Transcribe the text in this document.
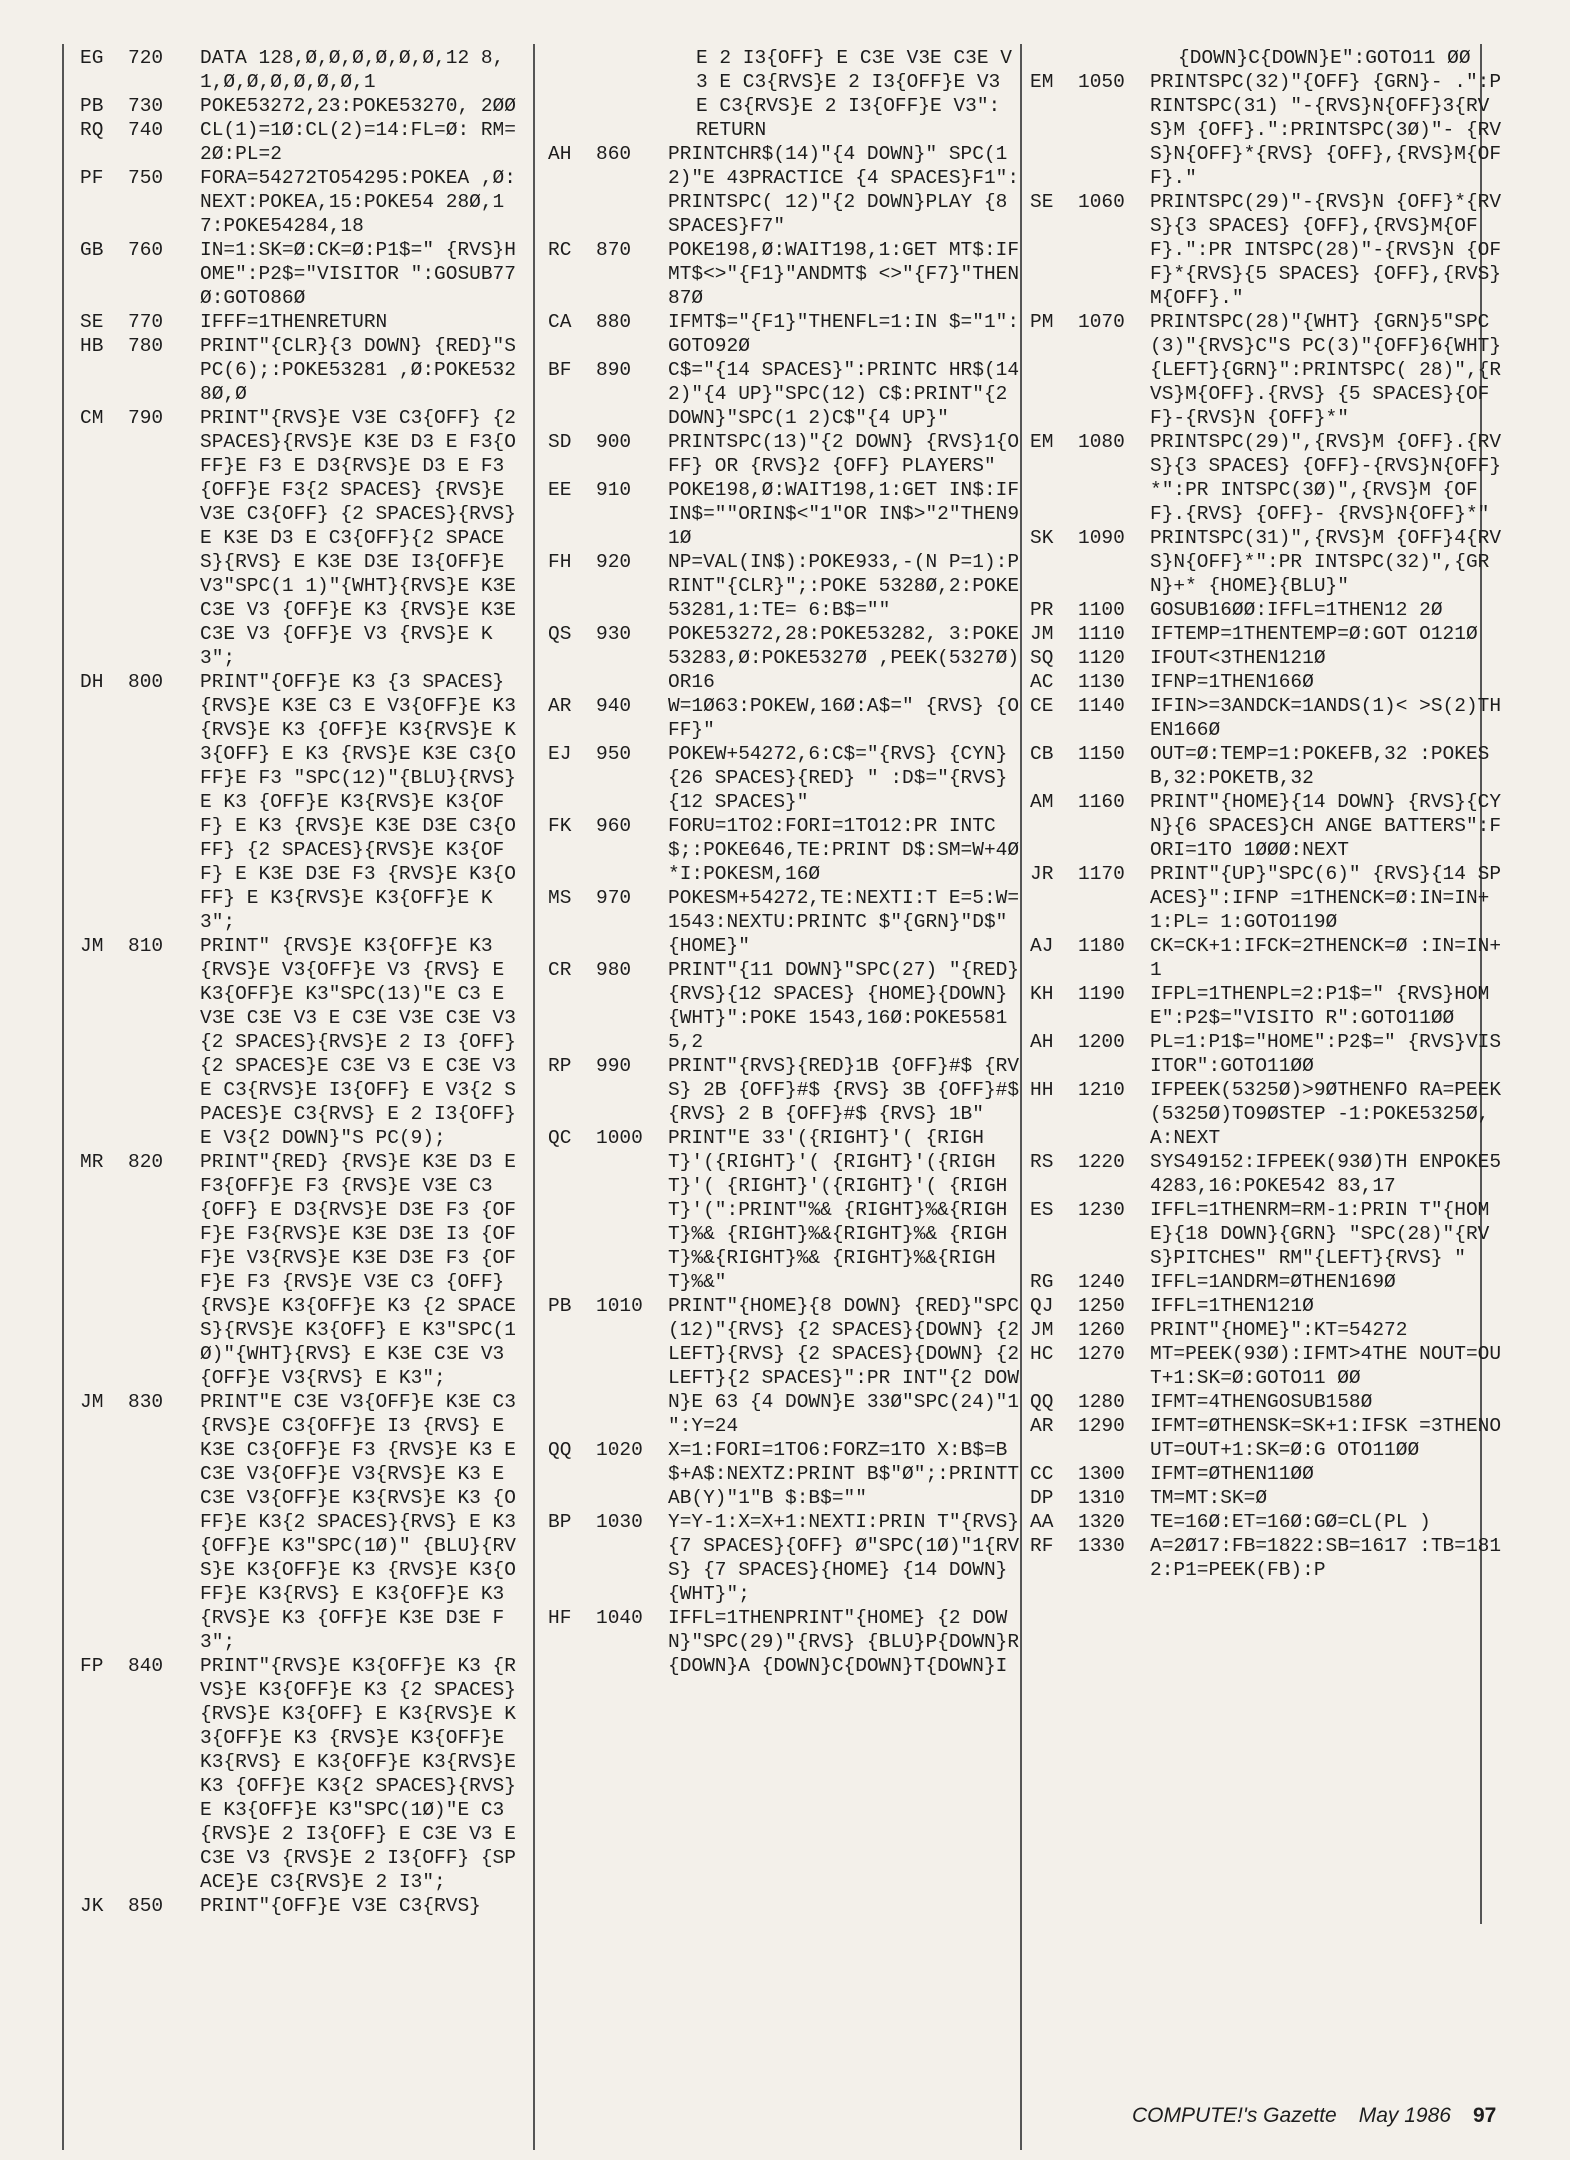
EG	720	DATA 128,Ø,Ø,Ø,Ø,Ø,Ø,12 8,1,Ø,Ø,Ø,Ø,Ø,Ø,1
PB	730	POKE53272,23:POKE53270, 2ØØ
RQ	740	CL(1)=1Ø:CL(2)=14:FL=Ø: RM=2Ø:PL=2
PF	750	FORA=54272TO54295:POKEA ,Ø:NEXT:POKEA,15:POKE54 28Ø,17:POKE54284,18
GB	760	IN=1:SK=Ø:CK=Ø:P1$=" {RVS}HOME":P2$="VISITOR ":GOSUB77Ø:GOTO86Ø
SE	770	IFFF=1THENRETURN
HB	780	PRINT"{CLR}{3 DOWN} {RED}"SPC(6);:POKE53281 ,Ø:POKE5328Ø,Ø
CM	790	PRINT"{RVS}E V3E C3{OFF} {2 SPACES}{RVS}E K3E D3 E F3{OFF}E F3 E D3{RVS}E D3 E F3{OFF}E F3{2 SPACES} {RVS}E V3E C3{OFF} {2 SPACES}{RVS}E K3E D3 E C3{OFF}{2 SPACES}{RVS} E K3E D3E I3{OFF}E V3"SPC(1 1)"{WHT}{RVS}E K3E C3E V3 {OFF}E K3 {RVS}E K3E C3E V3 {OFF}E V3 {RVS}E K3";
DH	800	PRINT"{OFF}E K3 {3 SPACES}{RVS}E K3E C3 E V3{OFF}E K3 {RVS}E K3 {OFF}E K3{RVS}E K3{OFF} E K3 {RVS}E K3E C3{OFF}E F3 "SPC(12)"{BLU}{RVS}E K3 {OFF}E K3{RVS}E K3{OFF} E K3 {RVS}E K3E D3E C3{OFF} {2 SPACES}{RVS}E K3{OFF} E K3E D3E F3 {RVS}E K3{OFF} E K3{RVS}E K3{OFF}E K3";
JM	810	PRINT" {RVS}E K3{OFF}E K3 {RVS}E V3{OFF}E V3 {RVS} E K3{OFF}E K3"SPC(13)"E C3 E V3E C3E V3 E C3E V3E C3E V3 {2 SPACES}{RVS}E 2 I3 {OFF}{2 SPACES}E C3E V3 E C3E V3 E C3{RVS}E I3{OFF} E V3{2 SPACES}E C3{RVS} E 2 I3{OFF}E V3{2 DOWN}"S PC(9);
MR	820	PRINT"{RED} {RVS}E K3E D3 E F3{OFF}E F3 {RVS}E V3E C3 {OFF} E D3{RVS}E D3E F3 {OFF}E F3{RVS}E K3E D3E I3 {OFF}E V3{RVS}E K3E D3E F3 {OFF}E F3 {RVS}E V3E C3 {OFF} {RVS}E K3{OFF}E K3 {2 SPACES}{RVS}E K3{OFF} E K3"SPC(1Ø)"{WHT}{RVS} E K3E C3E V3{OFF}E V3{RVS} E K3";
JM	830	PRINT"E C3E V3{OFF}E K3E C3 {RVS}E C3{OFF}E I3 {RVS} E K3E C3{OFF}E F3 {RVS}E K3 E C3E V3{OFF}E V3{RVS}E K3 E C3E V3{OFF}E K3{RVS}E K3 {OFF}E K3{2 SPACES}{RVS} E K3{OFF}E K3"SPC(1Ø)" {BLU}{RVS}E K3{OFF}E K3 {RVS}E K3{OFF}E K3{RVS} E K3{OFF}E K3{RVS}E K3 {OFF}E K3E D3E F3";
FP	840	PRINT"{RVS}E K3{OFF}E K3 {RVS}E K3{OFF}E K3 {2 SPACES}{RVS}E K3{OFF} E K3{RVS}E K3{OFF}E K3 {RVS}E K3{OFF}E K3{RVS} E K3{OFF}E K3{RVS}E K3 {OFF}E K3{2 SPACES}{RVS} E K3{OFF}E K3"SPC(1Ø)"E C3 {RVS}E 2 I3{OFF} E C3E V3 E C3E V3 {RVS}E 2 I3{OFF} {SPACE}E C3{RVS}E 2 I3";
JK	850	PRINT"{OFF}E V3E C3{RVS}
E 2 I3{OFF} E C3E V3E C3E V3 E C3{RVS}E 2 I3{OFF}E V3 E C3{RVS}E 2 I3{OFF}E V3": RETURN
AH	860	PRINTCHR$(14)"{4 DOWN}" SPC(12)"E 43PRACTICE {4 SPACES}F1":PRINTSPC( 12)"{2 DOWN}PLAY {8 SPACES}F7"
RC	870	POKE198,Ø:WAIT198,1:GET MT$:IFMT$<>"{F1}"ANDMT$ <>"{F7}"THEN87Ø
CA	880	IFMT$="{F1}"THENFL=1:IN $="1":GOTO92Ø
BF	890	C$="{14 SPACES}":PRINTC HR$(142)"{4 UP}"SPC(12) C$:PRINT"{2 DOWN}"SPC(1 2)C$"{4 UP}"
SD	900	PRINTSPC(13)"{2 DOWN} {RVS}1{OFF} OR {RVS}2 {OFF} PLAYERS"
EE	910	POKE198,Ø:WAIT198,1:GET IN$:IFIN$=""ORIN$<"1"OR IN$>"2"THEN91Ø
FH	920	NP=VAL(IN$):POKE933,-(N P=1):PRINT"{CLR}";:POKE 5328Ø,2:POKE53281,1:TE= 6:B$=""
QS	930	POKE53272,28:POKE53282, 3:POKE53283,Ø:POKE5327Ø ,PEEK(5327Ø)OR16
AR	940	W=1Ø63:POKEW,16Ø:A$=" {RVS} {OFF}"
EJ	950	POKEW+54272,6:C$="{RVS} {CYN}{26 SPACES}{RED} " :D$="{RVS}{12 SPACES}"
FK	960	FORU=1TO2:FORI=1TO12:PR INTC$;:POKE646,TE:PRINT D$:SM=W+4Ø*I:POKESM,16Ø
MS	970	POKESM+54272,TE:NEXTI:T E=5:W=1543:NEXTU:PRINTC $"{GRN}"D$"{HOME}"
CR	980	PRINT"{11 DOWN}"SPC(27) "{RED}{RVS}{12 SPACES} {HOME}{DOWN}{WHT}":POKE 1543,16Ø:POKE55815,2
RP	990	PRINT"{RVS}{RED}1B {OFF}#$ {RVS} 2B {OFF}#$ {RVS} 3B {OFF}#$ {RVS} 2 B {OFF}#$ {RVS} 1B"
QC	1000	PRINT"E 33'({RIGHT}'( {RIGHT}'({RIGHT}'( {RIGHT}'({RIGHT}'( {RIGHT}'({RIGHT}'( {RIGHT}'(":PRINT"%& {RIGHT}%&{RIGHT}%& {RIGHT}%&{RIGHT}%& {RIGHT}%&{RIGHT}%& {RIGHT}%&{RIGHT}%&"
PB	1010	PRINT"{HOME}{8 DOWN} {RED}"SPC(12)"{RVS} {2 SPACES}{DOWN} {2 LEFT}{RVS} {2 SPACES}{DOWN} {2 LEFT}{2 SPACES}":PR INT"{2 DOWN}E 63 {4 DOWN}E 33Ø"SPC(24)"1 ":Y=24
QQ	1020	X=1:FORI=1TO6:FORZ=1TO X:B$=B$+A$:NEXTZ:PRINT B$"Ø";:PRINTTAB(Y)"1"B $:B$=""
BP	1030	Y=Y-1:X=X+1:NEXTI:PRIN T"{RVS}{7 SPACES}{OFF} Ø"SPC(1Ø)"1{RVS} {7 SPACES}{HOME} {14 DOWN}{WHT}";
HF	1040	IFFL=1THENPRINT"{HOME} {2 DOWN}"SPC(29)"{RVS} {BLU}P{DOWN}R{DOWN}A {DOWN}C{DOWN}T{DOWN}I
{DOWN}C{DOWN}E":GOTO11 ØØ
EM	1050	PRINTSPC(32)"{OFF} {GRN}- .":PRINTSPC(31) "-{RVS}N{OFF}3{RVS}M {OFF}.":PRINTSPC(3Ø)"- {RVS}N{OFF}*{RVS} {OFF},{RVS}M{OFF}."
SE	1060	PRINTSPC(29)"-{RVS}N {OFF}*{RVS}{3 SPACES} {OFF},{RVS}M{OFF}.":PR INTSPC(28)"-{RVS}N {OFF}*{RVS}{5 SPACES} {OFF},{RVS}M{OFF}."
PM	1070	PRINTSPC(28)"{WHT} {GRN}5"SPC(3)"{RVS}C"S PC(3)"{OFF}6{WHT} {LEFT}{GRN}":PRINTSPC( 28)",{RVS}M{OFF}.{RVS} {5 SPACES}{OFF}-{RVS}N {OFF}*"
EM	1080	PRINTSPC(29)",{RVS}M {OFF}.{RVS}{3 SPACES} {OFF}-{RVS}N{OFF}*":PR INTSPC(3Ø)",{RVS}M {OFF}.{RVS} {OFF}- {RVS}N{OFF}*"
SK	1090	PRINTSPC(31)",{RVS}M {OFF}4{RVS}N{OFF}*":PR INTSPC(32)",{GRN}+* {HOME}{BLU}"
PR	1100	GOSUB16ØØ:IFFL=1THEN12 2Ø
JM	1110	IFTEMP=1THENTEMP=Ø:GOT O121Ø
SQ	1120	IFOUT<3THEN121Ø
AC	1130	IFNP=1THEN166Ø
CE	1140	IFIN>=3ANDCK=1ANDS(1)< >S(2)THEN166Ø
CB	1150	OUT=Ø:TEMP=1:POKEFB,32 :POKESB,32:POKETB,32
AM	1160	PRINT"{HOME}{14 DOWN} {RVS}{CYN}{6 SPACES}CH ANGE BATTERS":FORI=1TO 1ØØØ:NEXT
JR	1170	PRINT"{UP}"SPC(6)" {RVS}{14 SPACES}":IFNP =1THENCK=Ø:IN=IN+1:PL= 1:GOTO119Ø
AJ	1180	CK=CK+1:IFCK=2THENCK=Ø :IN=IN+1
KH	1190	IFPL=1THENPL=2:P1$=" {RVS}HOME":P2$="VISITO R":GOTO11ØØ
AH	1200	PL=1:P1$="HOME":P2$=" {RVS}VISITOR":GOTO11ØØ
HH	1210	IFPEEK(5325Ø)>9ØTHENFO RA=PEEK(5325Ø)TO9ØSTEP -1:POKE5325Ø,A:NEXT
RS	1220	SYS49152:IFPEEK(93Ø)TH ENPOKE54283,16:POKE542 83,17
ES	1230	IFFL=1THENRM=RM-1:PRIN T"{HOME}{18 DOWN}{GRN} "SPC(28)"{RVS}PITCHES" RM"{LEFT}{RVS} "
RG	1240	IFFL=1ANDRM=ØTHEN169Ø
QJ	1250	IFFL=1THEN121Ø
JM	1260	PRINT"{HOME}":KT=54272
HC	1270	MT=PEEK(93Ø):IFMT>4THE NOUT=OUT+1:SK=Ø:GOTO11 ØØ
QQ	1280	IFMT=4THENGOSUB158Ø
AR	1290	IFMT=ØTHENSK=SK+1:IFSK =3THENOUT=OUT+1:SK=Ø:G OTO11ØØ
CC	1300	IFMT=ØTHEN11ØØ
DP	1310	TM=MT:SK=Ø
AA	1320	TE=16Ø:ET=16Ø:GØ=CL(PL )
RF	1330	A=2Ø17:FB=1822:SB=1617 :TB=1812:P1=PEEK(FB):P
COMPUTE!'s Gazette May 1986 97
